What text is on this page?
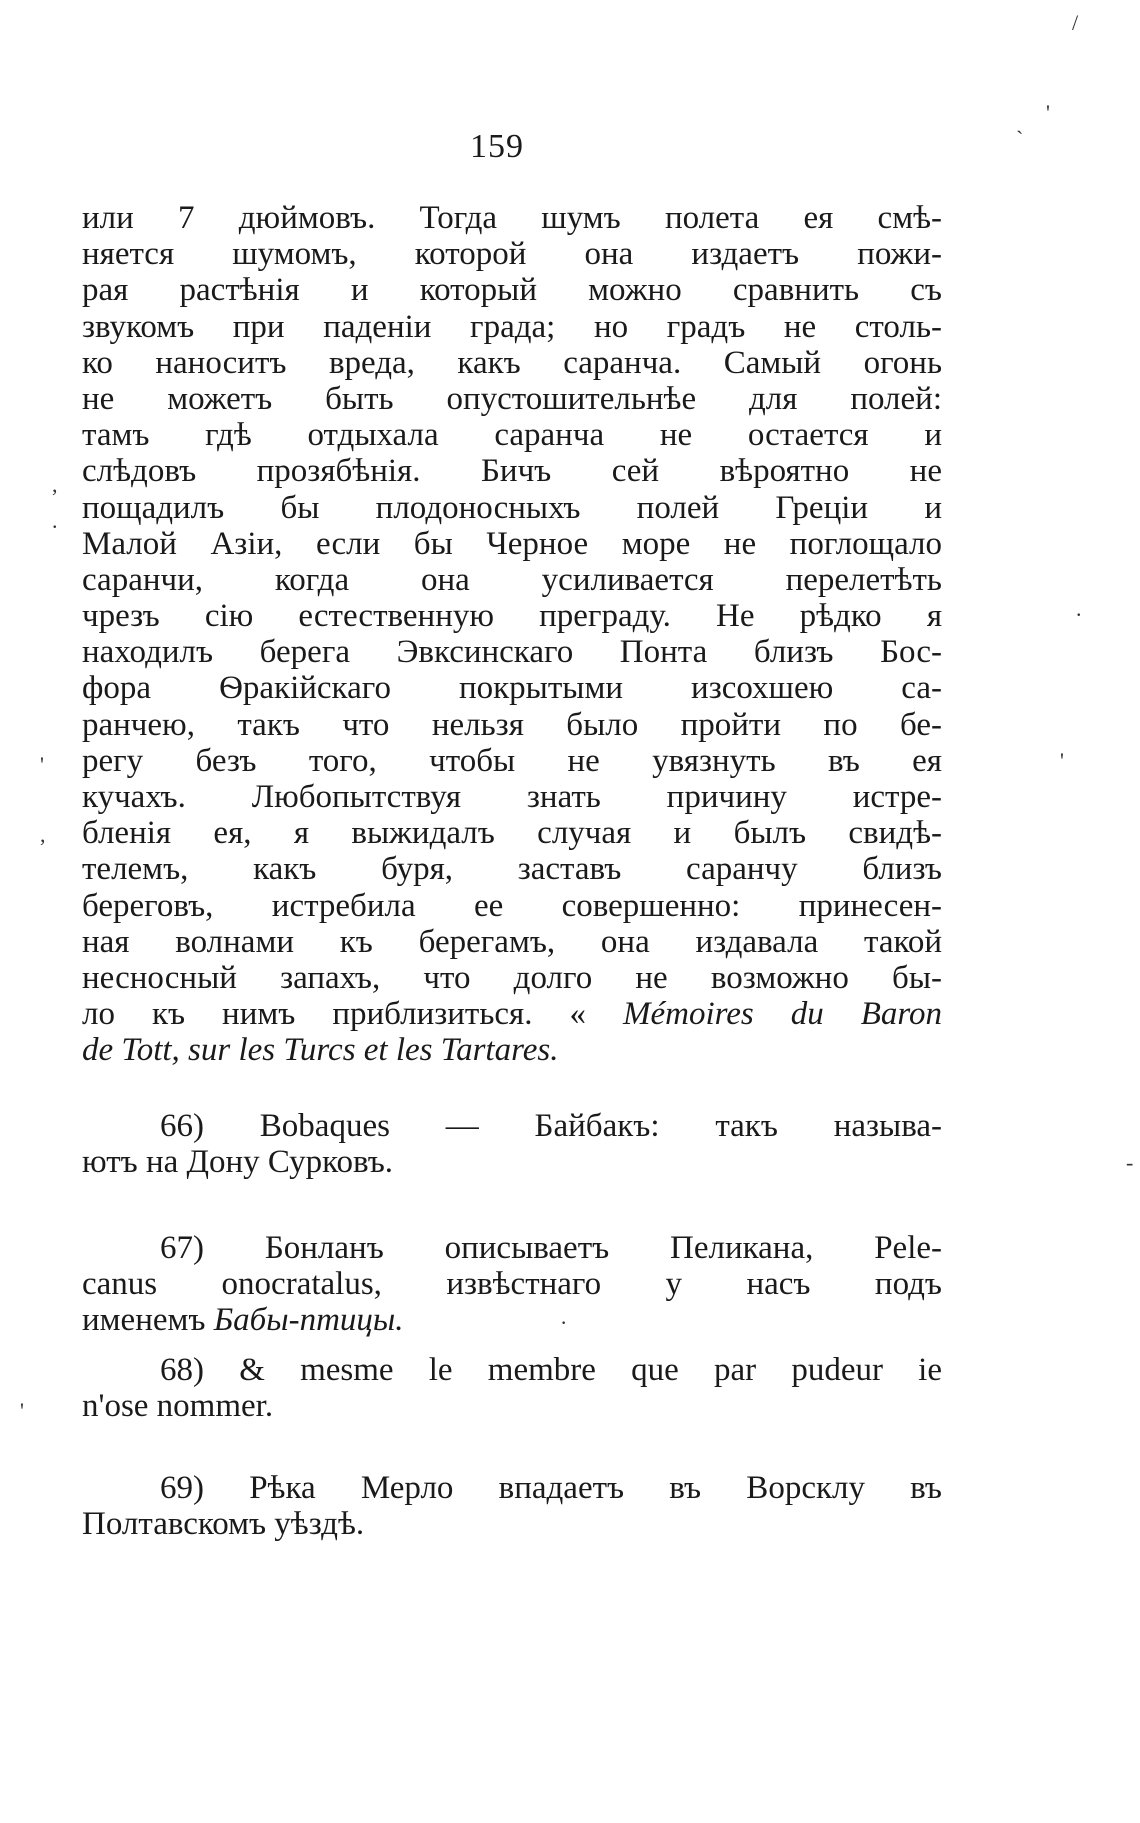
159
или 7 дюймовъ. Тогда шумъ полета ея смѣ-
няется шумомъ, которой она издаетъ пожи-
рая растѣнія и который можно сравнить съ
звукомъ при паденіи града; но градъ не столь-
ко наноситъ вреда, какъ саранча. Самый огонь
не можетъ быть опустошительнѣе для полей:
тамъ гдѣ отдыхала саранча не остается и
слѣдовъ прозябѣнія. Бичъ сей вѣроятно не
пощадилъ бы плодоносныхъ полей Греціи и
Малой Азіи, если бы Черное море не поглощало
саранчи, когда она усиливается перелетѣть
чрезъ сію естественную преграду. Не рѣдко я
находилъ берега Эвксинскаго Понта близъ Бос-
фора Ѳракійскаго покрытыми изсохшею са-
ранчею, такъ что нельзя было пройти по бе-
регу безъ того, чтобы не увязнуть въ ея
кучахъ. Любопытствуя знать причину истре-
бленія ея, я выжидалъ случая и былъ свидѣ-
телемъ, какъ буря, заставъ саранчу близъ
береговъ, истребила ее совершенно: принесен-
ная волнами къ берегамъ, она издавала такой
несносный запахъ, что долго не возможно бы-
ло къ нимъ приблизиться. « Mémoires du Baron
de Tott, sur les Turcs et les Tartares.
66) Bobaques — Байбакъ: такъ называ-
ютъ на Дону Сурковъ.
67) Бонланъ описываетъ Пеликана, Pele-
canus onocratalus, извѣстнаго у насъ подъ
именемъ Бабы-птицы.
68) & mesme le membre que par pudeur ie
n'ose nommer.
69) Рѣка Мерло впадаетъ въ Ворсклу въ
Полтавскомъ уѣздѣ.
/
'
`
,
.
'
,
.
'
'
·
-
